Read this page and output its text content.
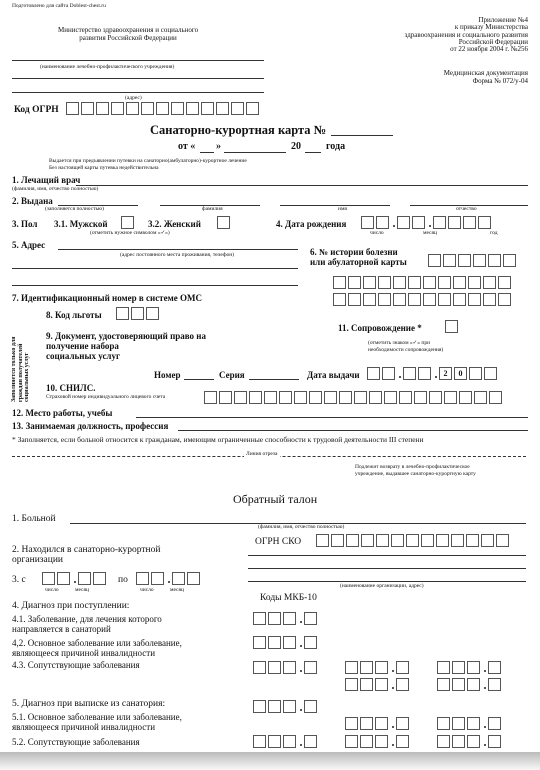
Подготовлено для сайта Doblest-chest.ru
Министерство здравоохранения и социального
развития Российской Федерации
Приложение №4
к приказу Министерства
здравоохранения и социального развития
Российской Федерации
от 22 ноября 2004 г. №256
Медицинская документация
Форма № 072/у-04
(наименование лечебно-профилактического учреждения)
(адрес)
Код ОГРН
Санаторно-курортная карта №
от « »	20	года
Выдается при предъявлении путевки на санаторно(амбулаторно)-курортное лечение
Без настоящей карты путевка недействительна
1. Лечащий врач
(фамилия, имя, отчество полностью)
2. Выдана
(заполняется полностью)	фамилия	имя	отчество
3. Пол 3.1. Мужской	3.2. Женский
(отметить нужное символом «✓»)
4. Дата рождения
число	месяц	год
5. Адрес
(адрес постоянного места проживания, телефон)	6. № истории болезни
или абулаторной карты
7. Идентификационный номер в системе ОМС
Заполняется только для граждан получателей социальных услуг
8. Код льготы
9. Документ, удостоверяющий право на
получение набора
социальных услуг
11. Сопровождение *
(отметить знаком «✓» при
необходимости сопровождения)
Номер	Серия	Дата выдачи	2	0
10. СНИЛС.
Страховой номер индивидуального лицевого счета
12. Место работы, учебы
13. Занимаемая должность, профессия
* Заполняется, если больной относится к гражданам, имеющим ограниченные способности к трудовой деятельности III степени
Линия отреза
Подлежит возврату в лечебно-профилактическое
учреждение, выдавшее санаторно-курортную карту
Обратный талон
1. Больной
(фамилия, имя, отчество полностью)
2. Находился в санаторно-курортной
организации
ОГРН СКО
3. с	по
число	месяц	число	месяц
(наименование организации, адрес)
Коды МКБ-10
4. Диагноз при поступлении:
4.1. Заболевание, для лечения которого
направляется в санаторий
4,2. Основное заболевание или заболевание,
являющееся причиной инвалидности
4.3. Сопутствующие заболевания
5. Диагноз при выписке из санатория:
5.1. Основное заболевание или заболевание,
являющееся причиной инвалидности
5.2. Сопутствующие заболевания
